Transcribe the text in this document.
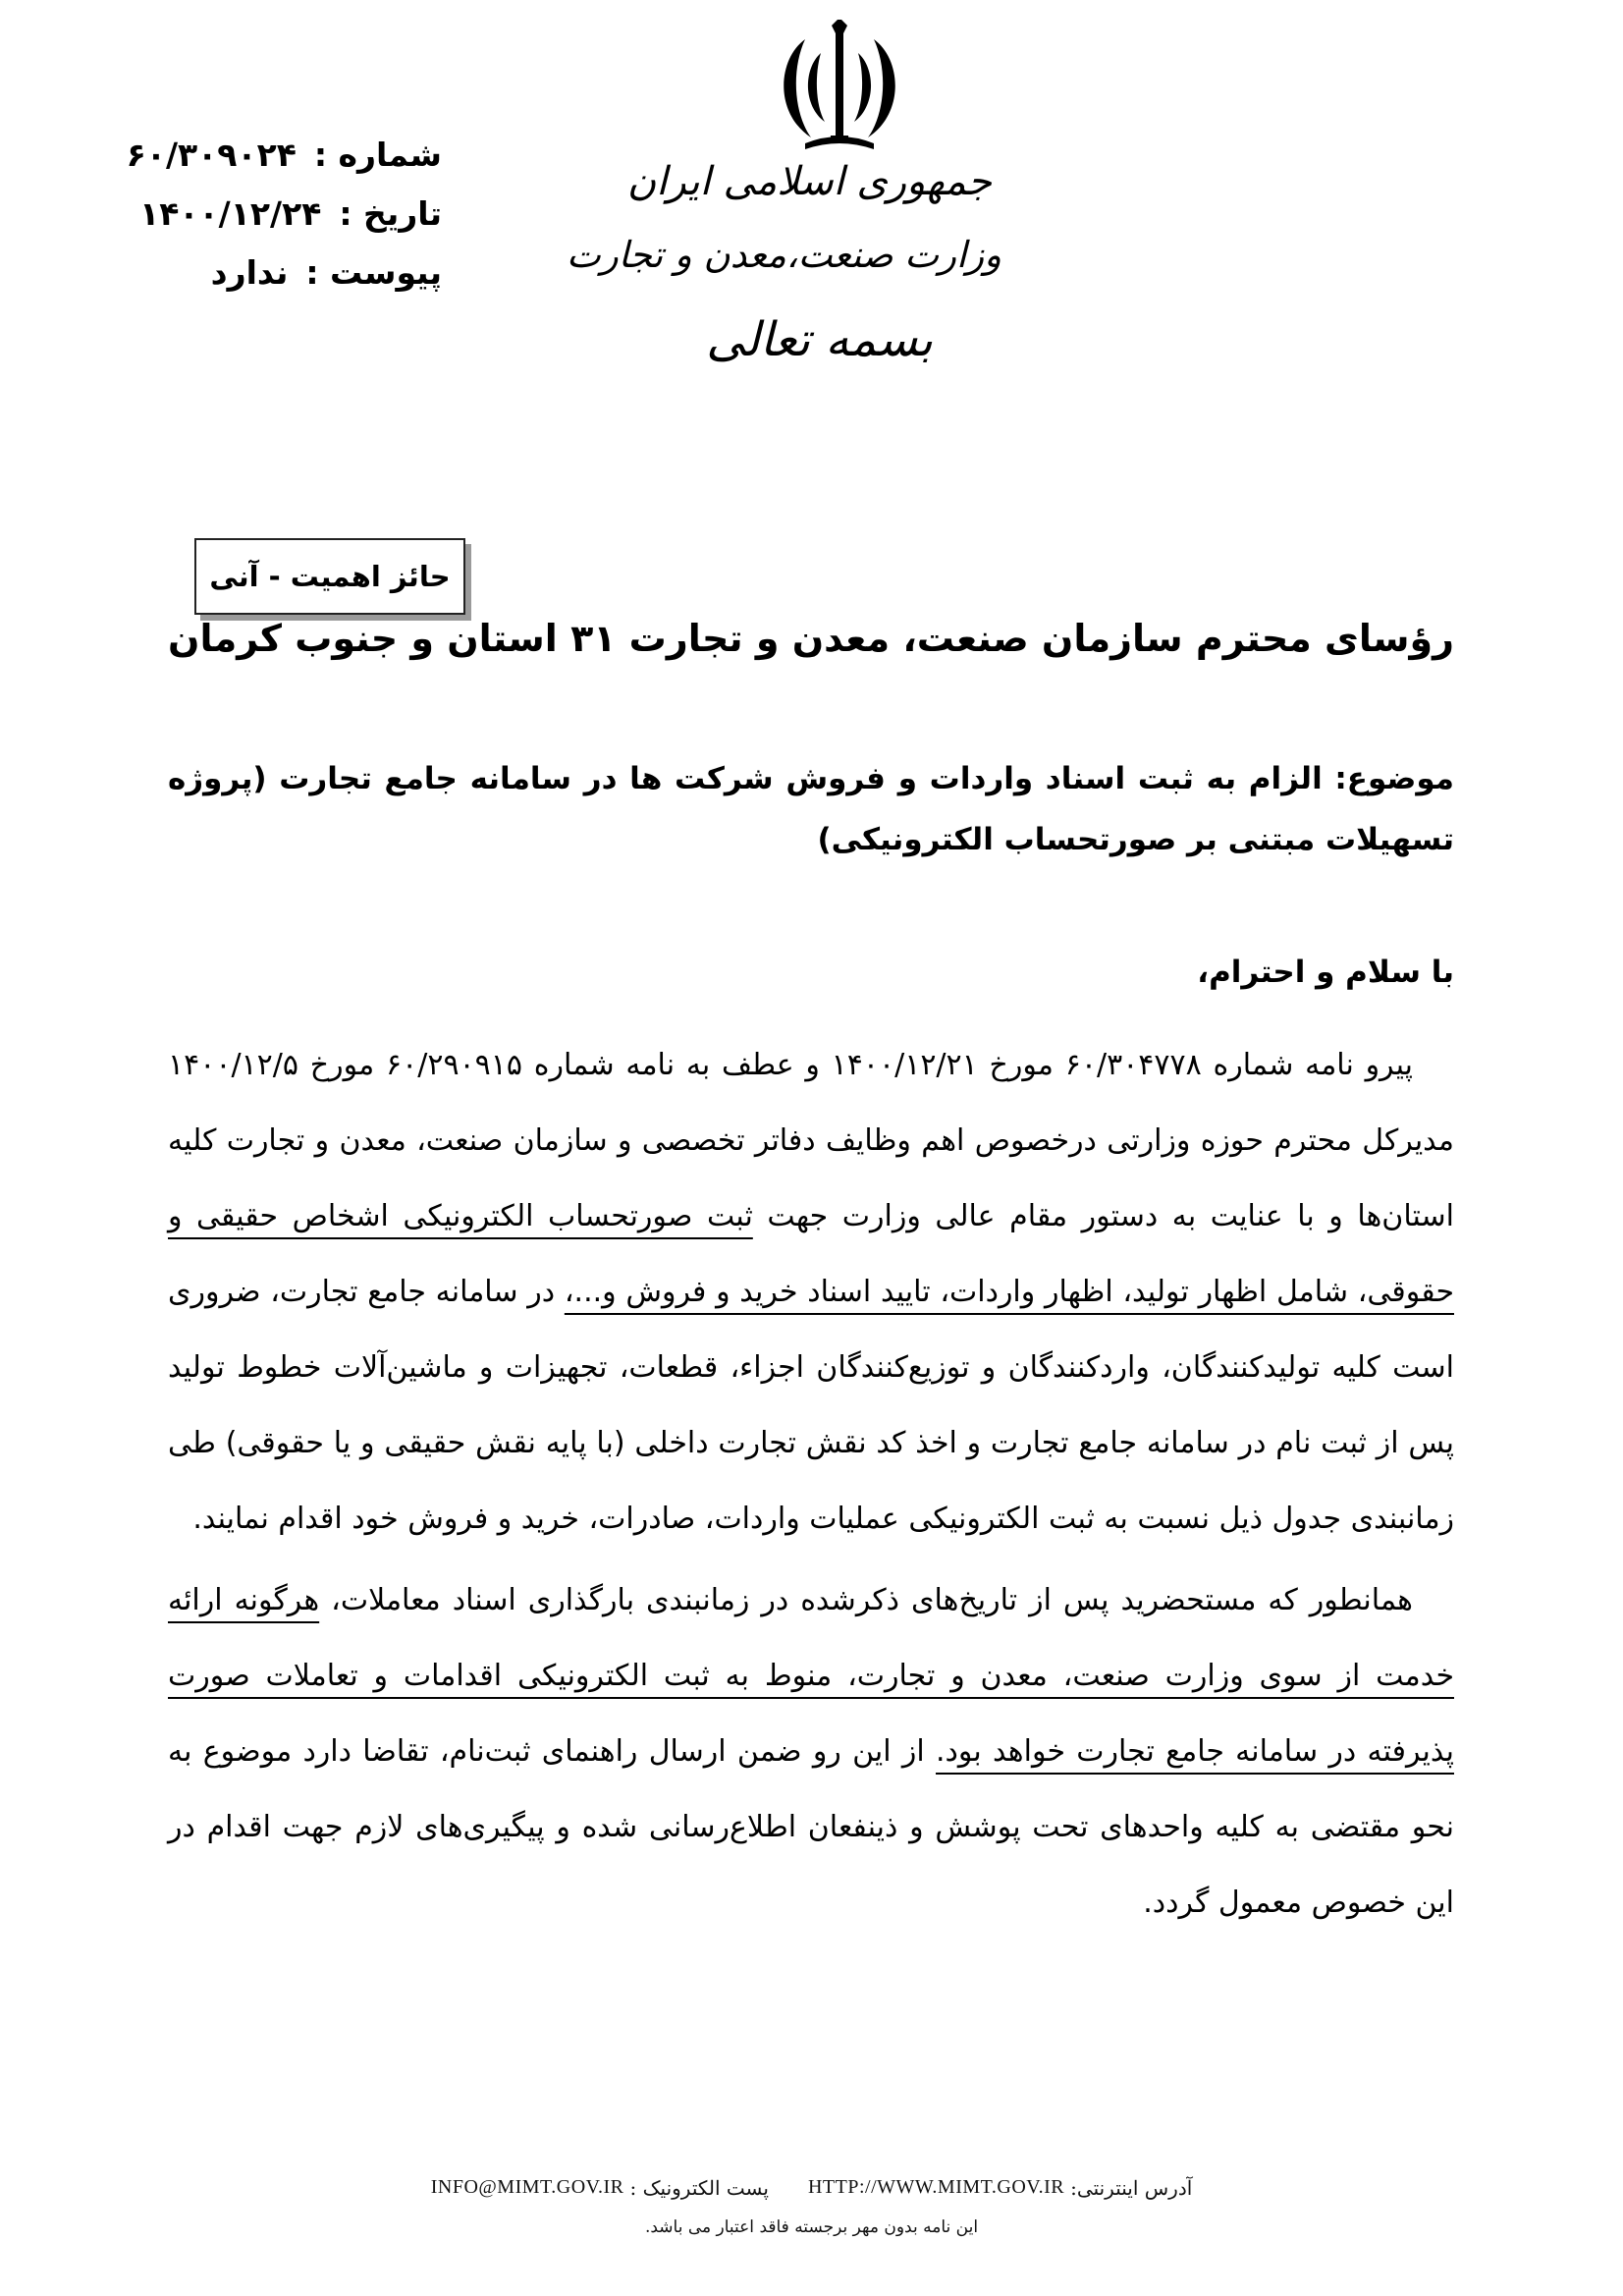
جمهوری اسلامی ایران
وزارت صنعت،معدن و تجارت
بسمه تعالی
شماره :
۶۰/۳۰۹۰۲۴
تاریخ :
۱۴۰۰/۱۲/۲۴
پیوست :
ندارد
حائز اهمیت - آنی
رؤسای محترم سازمان صنعت، معدن و تجارت ۳۱ استان و جنوب کرمان
موضوع: الزام به ثبت اسناد واردات و فروش شرکت ها در سامانه جامع تجارت (پروژه تسهیلات مبتنی بر صورتحساب الکترونیکی)
با سلام و احترام،

پیرو نامه شماره ۶۰/۳۰۴۷۷۸ مورخ ۱۴۰۰/۱۲/۲۱ و عطف به نامه شماره ۶۰/۲۹۰۹۱۵ مورخ ۱۴۰۰/۱۲/۵ مدیرکل محترم حوزه وزارتی درخصوص اهم وظایف دفاتر تخصصی و سازمان صنعت، معدن و تجارت کلیه استان‌ها و با عنایت به دستور مقام عالی وزارت جهت ثبت صورتحساب الکترونیکی اشخاص حقیقی و حقوقی، شامل اظهار تولید، اظهار واردات، تایید اسناد خرید و فروش و...، در سامانه جامع تجارت، ضروری است کلیه تولیدکنندگان، واردکنندگان و توزیع‌کنندگان اجزاء، قطعات، تجهیزات و ماشین‌آلات خطوط تولید پس از ثبت نام در سامانه جامع تجارت و اخذ کد نقش تجارت داخلی (با پایه نقش حقیقی و یا حقوقی) طی زمانبندی جدول ذیل نسبت به ثبت الکترونیکی عملیات واردات، صادرات، خرید و فروش خود اقدام نمایند.

همانطور که مستحضرید پس از تاریخ‌های ذکرشده در زمانبندی بارگذاری اسناد معاملات، هرگونه ارائه خدمت از سوی وزارت صنعت، معدن و تجارت، منوط به ثبت الکترونیکی اقدامات و تعاملات صورت پذیرفته در سامانه جامع تجارت خواهد بود. از این رو ضمن ارسال راهنمای ثبت‌نام، تقاضا دارد موضوع به نحو مقتضی به کلیه واحدهای تحت پوشش و ذینفعان اطلاع‌رسانی شده و پیگیری‌های لازم جهت اقدام در این خصوص معمول گردد.

آدرس اینترنتی:
HTTP://WWW.MIMT.GOV.IR
پست الکترونیک :
INFO@MIMT.GOV.IR
این نامه بدون مهر برجسته فاقد اعتبار می باشد.
